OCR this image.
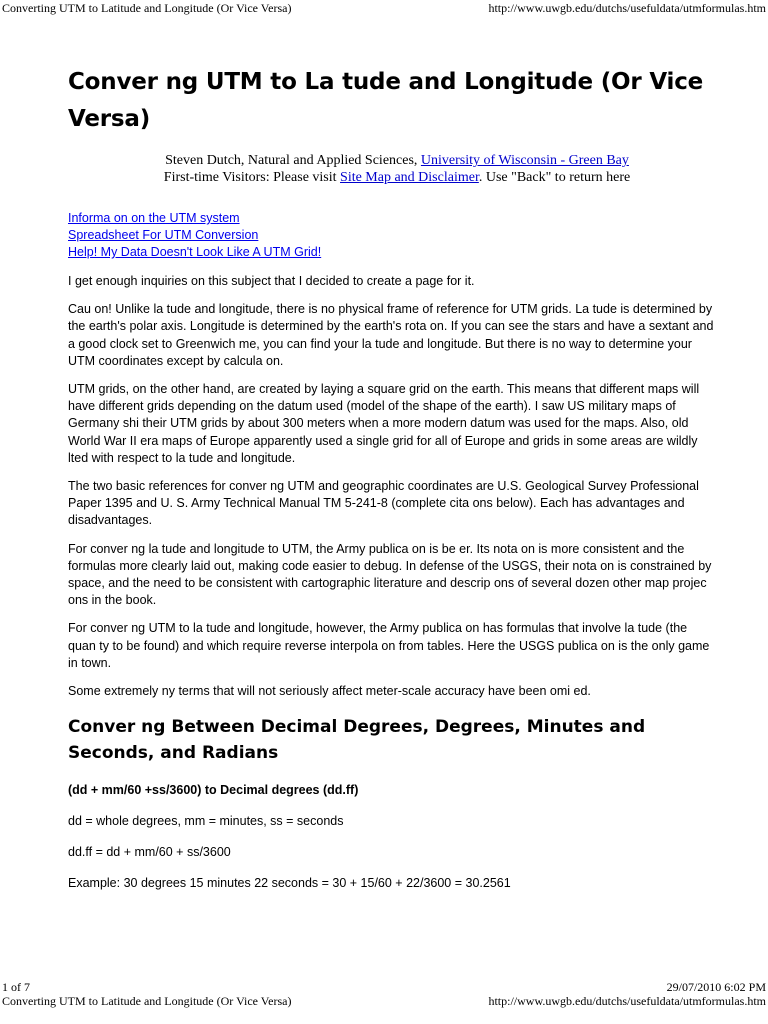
Converting UTM to Latitude and Longitude (Or Vice Versa)	http://www.uwgb.edu/dutchs/usefuldata/utmformulas.htm
Conver ng UTM to La tude and Longitude (Or Vice Versa)
Steven Dutch, Natural and Applied Sciences, University of Wisconsin - Green Bay
First-time Visitors: Please visit Site Map and Disclaimer. Use "Back" to return here
Informa on on the UTM system
Spreadsheet For UTM Conversion
Help! My Data Doesn't Look Like A UTM Grid!

I get enough inquiries on this subject that I decided to create a page for it.

Cau on! Unlike la tude and longitude, there is no physical frame of reference for UTM grids. La tude is determined by the earth's polar axis. Longitude is determined by the earth's rota on. If you can see the stars and have a sextant and a good clock set to Greenwich me, you can find your la tude and longitude. But there is no way to determine your UTM coordinates except by calcula on.

UTM grids, on the other hand, are created by laying a square grid on the earth. This means that different maps will have different grids depending on the datum used (model of the shape of the earth). I saw US military maps of Germany shi their UTM grids by about 300 meters when a more modern datum was used for the maps. Also, old World War II era maps of Europe apparently used a single grid for all of Europe and grids in some areas are wildly lted with respect to la tude and longitude.

The two basic references for conver ng UTM and geographic coordinates are U.S. Geological Survey Professional Paper 1395 and U. S. Army Technical Manual TM 5-241-8 (complete cita ons below). Each has advantages and disadvantages.

For conver ng la tude and longitude to UTM, the Army publica on is be er. Its nota on is more consistent and the formulas more clearly laid out, making code easier to debug. In defense of the USGS, their nota on is constrained by space, and the need to be consistent with cartographic literature and descrip ons of several dozen other map projec ons in the book.

For conver ng UTM to la tude and longitude, however, the Army publica on has formulas that involve la tude (the quan ty to be found) and which require reverse interpola on from tables. Here the USGS publica on is the only game in town.

Some extremely ny terms that will not seriously affect meter-scale accuracy have been omi ed.

Conver ng Between Decimal Degrees, Degrees, Minutes and Seconds, and Radians

(dd + mm/60 +ss/3600) to Decimal degrees (dd.ff)

dd = whole degrees, mm = minutes, ss = seconds

dd.ff = dd + mm/60 + ss/3600

Example: 30 degrees 15 minutes 22 seconds = 30 + 15/60 + 22/3600 = 30.2561

1 of 7	29/07/2010 6:02 PM
Converting UTM to Latitude and Longitude (Or Vice Versa)	http://www.uwgb.edu/dutchs/usefuldata/utmformulas.htm
